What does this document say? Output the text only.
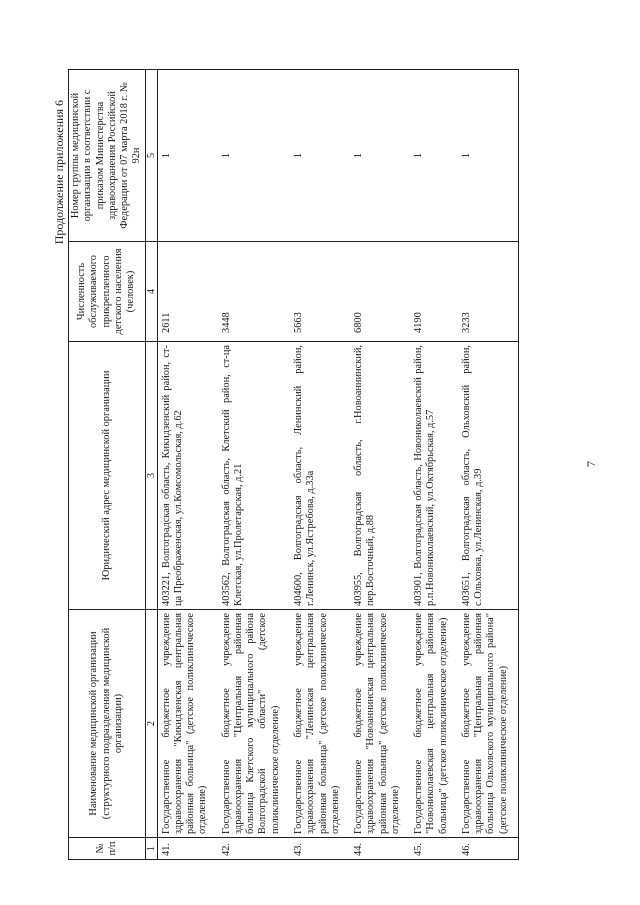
7
Продолжение приложения 6
№ п/п	Наименование медицинской организации (структурного подразделения медицинской организации)	Юридический адрес медицинской организации	Численность обслуживаемого прикрепленного детского населения (человек)	Номер группы медицинской организации в соответствии с приказом Министерства здравоохранения Российской Федерации от 07 марта 2018 г. № 92н
1	2	3	4	5
41.	Государственное бюджетное учреждение здравоохранения "Кикидзенская центральная районная больница" (детское поликлиническое отделение)	403221, Волгоградская область, Кикидзенский район, ст-ца Преображенская, ул.Комсомольская, д.62	2611	1
42.	Государственное бюджетное учреждение здравоохранения "Центральная районная больница Клетского муниципального района Волгоградской области" (детское поликлиническое отделение)	403562, Волгоградская область, Клетский район, ст-ца Клетская, ул.Пролетарская, д.21	3448	1
43.	Государственное бюджетное учреждение здравоохранения "Ленинская центральная районная больница" (детское поликлиническое отделение)	404600, Волгоградская область, Ленинский район, г.Ленинск, ул.Ястребова, д.33а	5663	1
44.	Государственное бюджетное учреждение здравоохранения "Новоаннинская центральная районная больница" (детское поликлиническое отделение)	403955, Волгоградская область, г.Новоаннинский, пер.Восточный, д.88	6800	1
45.	Государственное бюджетное учреждение "Новониколаевская центральная районная больница" (детское поликлиническое отделение)	403901, Волгоградская область, Новониколаевский район, р.п.Новониколаевский, ул.Октябрьская, д.57	4190	1
46.	Государственное бюджетное учреждение здравоохранения "Центральная районная больница Ольховского муниципального района" (детское поликлиническое отделение)	403651, Волгоградская область, Ольховский район, с.Ольховка, ул.Ленинская, д.39	3233	1
